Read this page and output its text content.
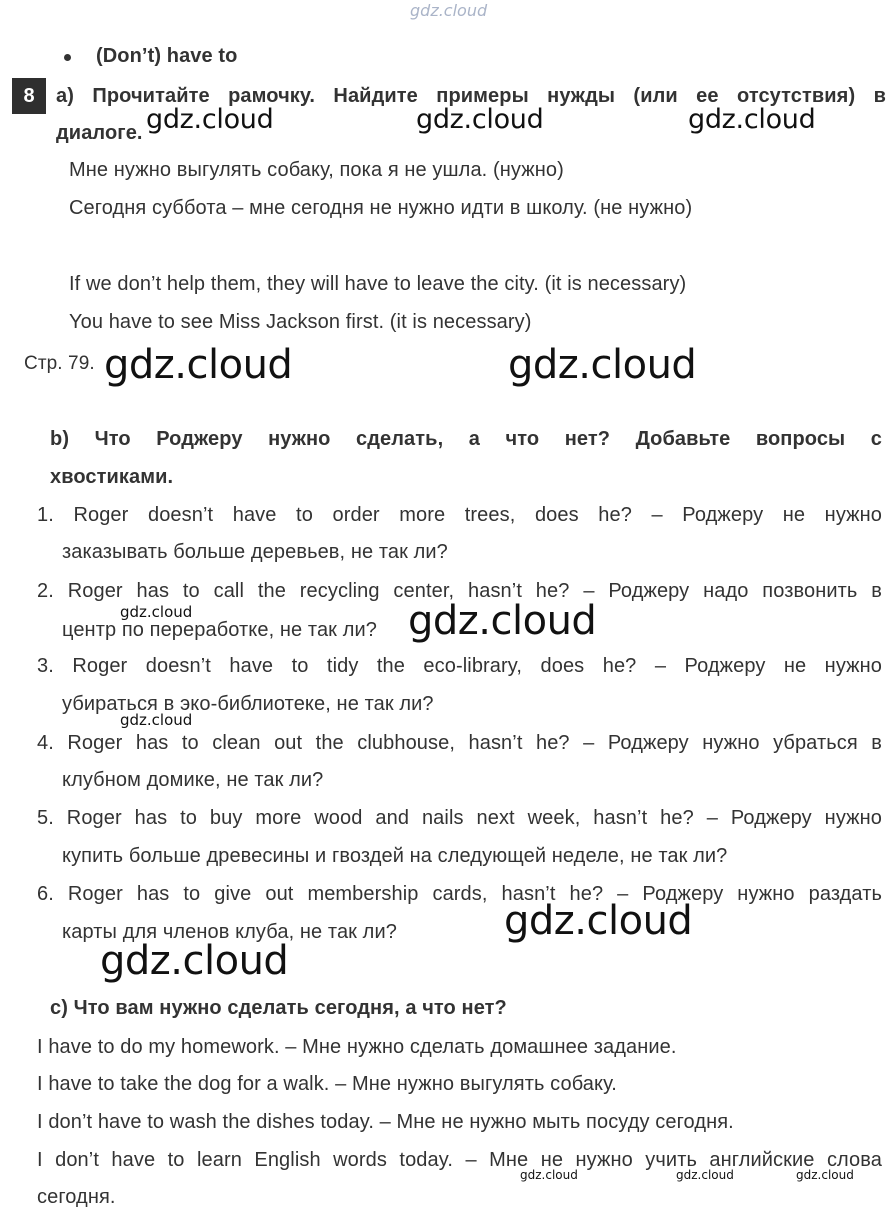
gdz.cloud
(Don’t) have to
8	a) Прочитайте рамочку. Найдите примеры нужды (или ее отсутствия) в
диалоге. gdz.cloud	gdz.cloud	gdz.cloud
Мне нужно выгулять собаку, пока я не ушла. (нужно)
Сегодня суббота – мне сегодня не нужно идти в школу. (не нужно)
If we don’t help them, they will have to leave the city. (it is necessary)
You have to see Miss Jackson first. (it is necessary)
Стр. 79. gdz.cloud	gdz.cloud
b) Что Роджеру нужно сделать, а что нет? Добавьте вопросы с
хвостиками.
1. Roger doesn’t have to order more trees, does he? – Роджеру не нужно
заказывать больше деревьев, не так ли?
2. Roger has to call the recycling center, hasn’t he? – Роджеру надо позвонить в
центр по переработке, не так ли?
gdz.cloud	gdz.cloud
3. Roger doesn’t have to tidy the eco-library, does he? – Роджеру не нужно
убираться в эко-библиотеке, не так ли?
gdz.cloud
4. Roger has to clean out the clubhouse, hasn’t he? – Роджеру нужно убраться в
клубном домике, не так ли?
5. Roger has to buy more wood and nails next week, hasn’t he? – Роджеру нужно
купить больше древесины и гвоздей на следующей неделе, не так ли?
6. Roger has to give out membership cards, hasn’t he? – Роджеру нужно раздать
карты для членов клуба, не так ли?	gdz.cloud
gdz.cloud
c) Что вам нужно сделать сегодня, а что нет?
I have to do my homework. – Мне нужно сделать домашнее задание.
I have to take the dog for a walk. – Мне нужно выгулять собаку.
I don’t have to wash the dishes today. – Мне не нужно мыть посуду сегодня.
I don’t have to learn English words today. – Мне не нужно учить английские слова
сегодня.
gdz.cloud	gdz.cloud	gdz.cloud
